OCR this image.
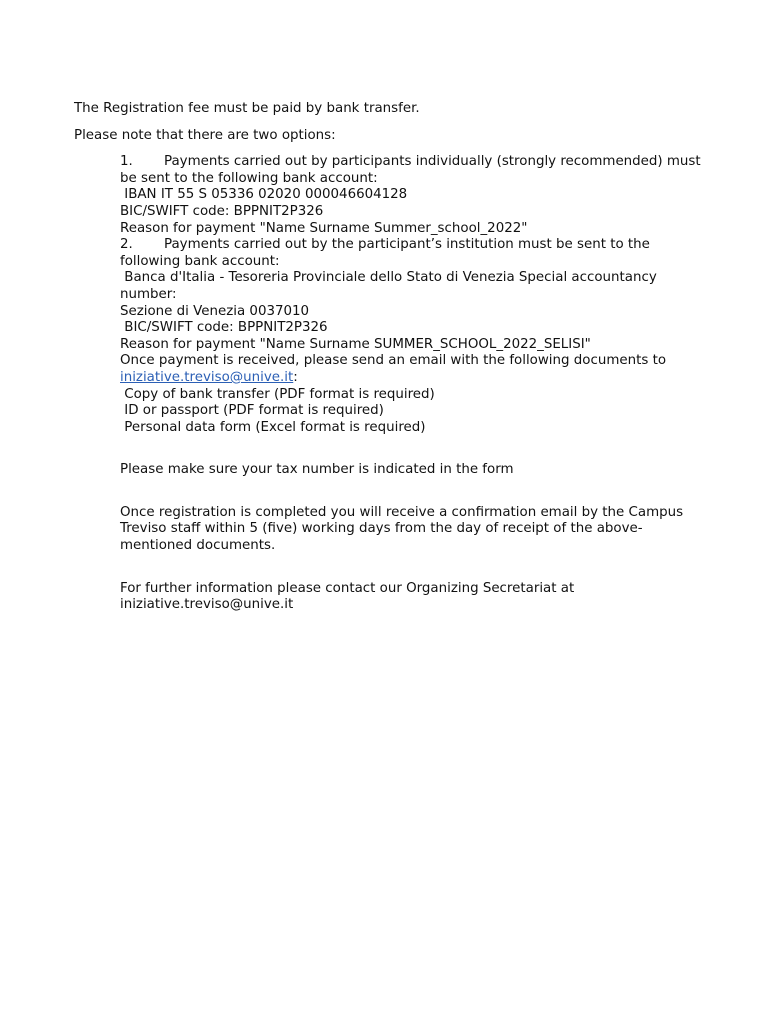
The Registration fee must be paid by bank transfer.

Please note that there are two options:

1. Payments carried out by participants individually (strongly recommended) must be sent to the following bank account:
IBAN IT 55 S 05336 02020 000046604128
BIC/SWIFT code: BPPNIT2P326
Reason for payment "Name Surname Summer_school_2022"
2. Payments carried out by the participant’s institution must be sent to the following bank account:
Banca d'Italia - Tesoreria Provinciale dello Stato di Venezia Special accountancy number:
Sezione di Venezia 0037010
BIC/SWIFT code: BPPNIT2P326
Reason for payment "Name Surname SUMMER_SCHOOL_2022_SELISI"
Once payment is received, please send an email with the following documents to iniziative.treviso@unive.it:
Copy of bank transfer (PDF format is required)
ID or passport (PDF format is required)
Personal data form (Excel format is required)

Please make sure your tax number is indicated in the form

Once registration is completed you will receive a confirmation email by the Campus Treviso staff within 5 (five) working days from the day of receipt of the above-mentioned documents.

For further information please contact our Organizing Secretariat at
iniziative.treviso@unive.it
